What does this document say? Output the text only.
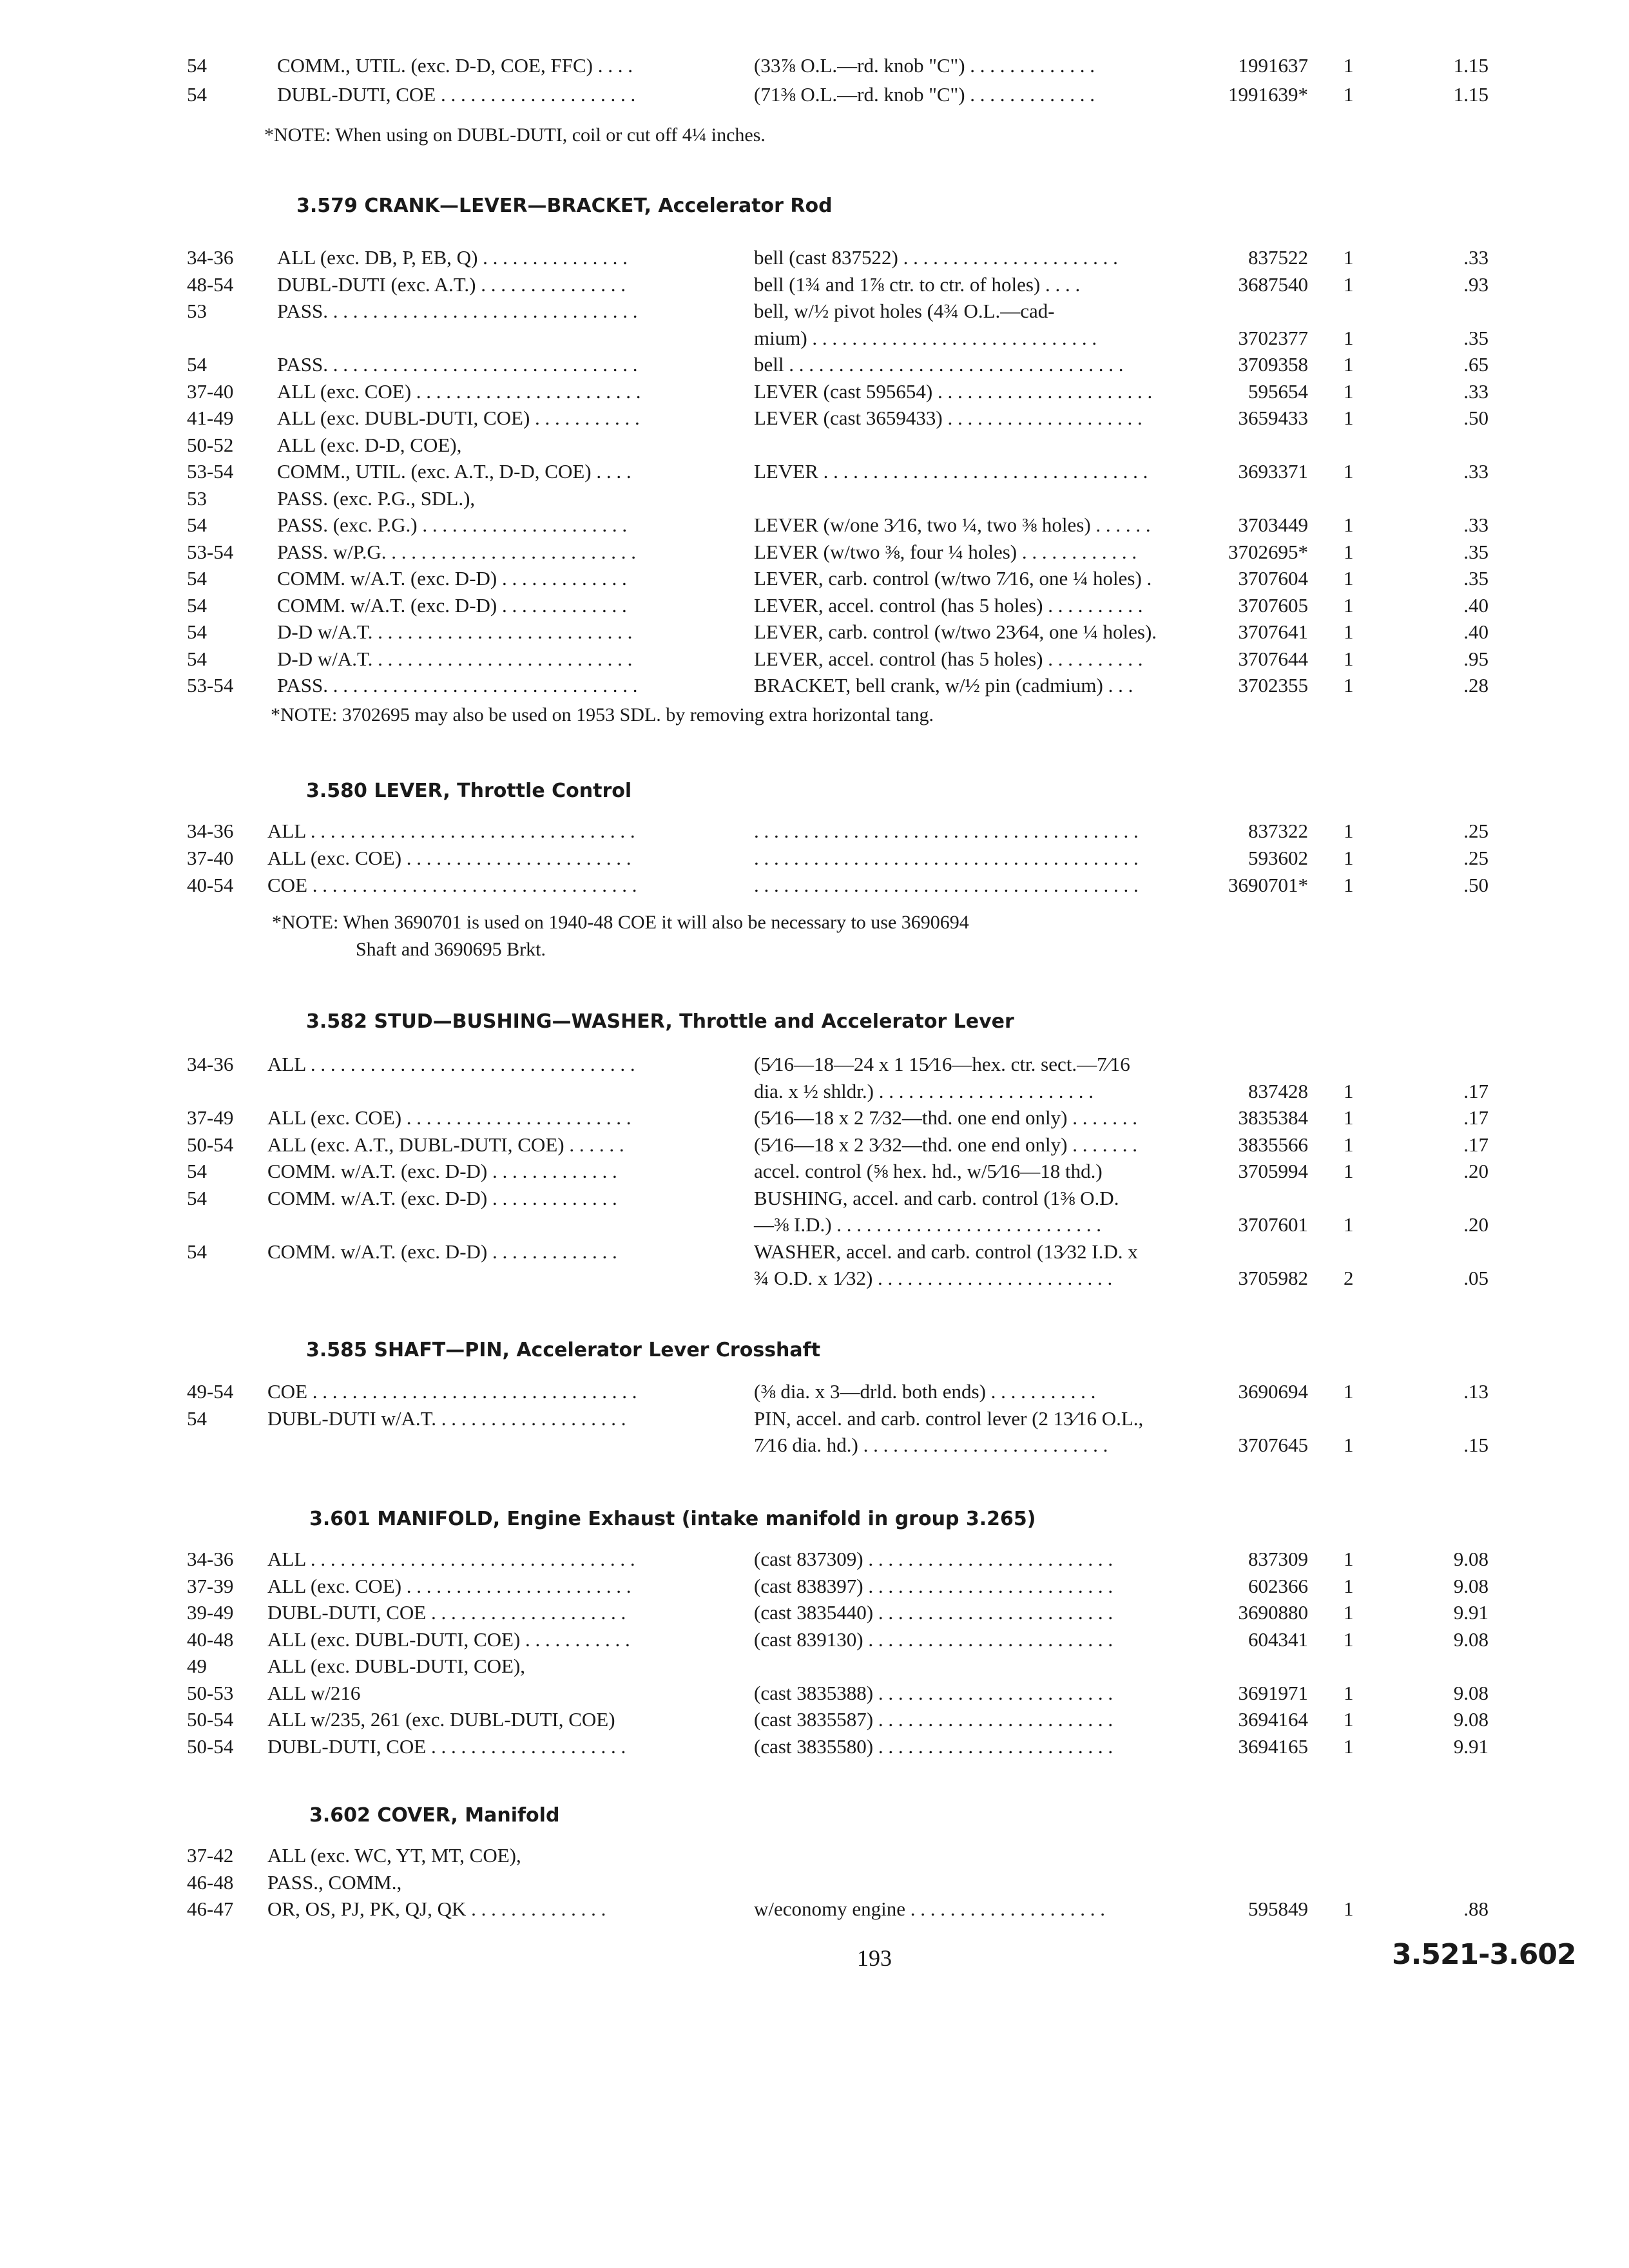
54	COMM., UTIL. (exc. D-D, COE, FFC) . . . .	(33⅞ O.L.—rd. knob "C") . . . . . . . . . . . . .	1991637 1	1.15
54	DUBL-DUTI, COE . . . . . . . . . . . . . . . . . . . .	(71⅜ O.L.—rd. knob "C") . . . . . . . . . . . . .	1991639* 1	1.15
34-36 ALL (exc. DB, P, EB, Q) . . . . . . . . . . . . . . .	bell (cast 837522) . . . . . . . . . . . . . . . . . . . . . .	837522 1	.33
48-54 DUBL-DUTI (exc. A.T.) . . . . . . . . . . . . . . .	bell (1¾ and 1⅞ ctr. to ctr. of holes) . . . .	3687540 1	.93
53	PASS. . . . . . . . . . . . . . . . . . . . . . . . . . . . . . . .	bell, w/½ pivot holes (4¾ O.L.—cad-
mium) . . . . . . . . . . . . . . . . . . . . . . . . . . . . .	3702377 1	.35
54	PASS. . . . . . . . . . . . . . . . . . . . . . . . . . . . . . . .	bell . . . . . . . . . . . . . . . . . . . . . . . . . . . . . . . . . .	3709358 1	.65
37-40 ALL (exc. COE) . . . . . . . . . . . . . . . . . . . . . . .	LEVER (cast 595654) . . . . . . . . . . . . . . . . . . . . . .	595654 1	.33
41-49 ALL (exc. DUBL-DUTI, COE) . . . . . . . . . . .	LEVER (cast 3659433) . . . . . . . . . . . . . . . . . . . .	3659433 1	.50
50-52 ALL (exc. D-D, COE),
53-54 COMM., UTIL. (exc. A.T., D-D, COE) . . . .	LEVER . . . . . . . . . . . . . . . . . . . . . . . . . . . . . . . . .	3693371 1	.33
53	PASS. (exc. P.G., SDL.),
54	PASS. (exc. P.G.) . . . . . . . . . . . . . . . . . . . . .	LEVER (w/one 3⁄16, two ¼, two ⅜ holes) . . . . . .	3703449 1	.33
53-54 PASS. w/P.G. . . . . . . . . . . . . . . . . . . . . . . . . .	LEVER (w/two ⅜, four ¼ holes) . . . . . . . . . . . .	3702695* 1	.35
54	COMM. w/A.T. (exc. D-D) . . . . . . . . . . . . .	LEVER, carb. control (w/two 7⁄16, one ¼ holes) .	3707604 1	.35
54	COMM. w/A.T. (exc. D-D) . . . . . . . . . . . . .	LEVER, accel. control (has 5 holes) . . . . . . . . . .	3707605 1	.40
54	D-D w/A.T. . . . . . . . . . . . . . . . . . . . . . . . . . .	LEVER, carb. control (w/two 23⁄64, one ¼ holes).	3707641 1	.40
54	D-D w/A.T. . . . . . . . . . . . . . . . . . . . . . . . . . .	LEVER, accel. control (has 5 holes) . . . . . . . . . .	3707644 1	.95
53-54 PASS. . . . . . . . . . . . . . . . . . . . . . . . . . . . . . . .	BRACKET, bell crank, w/½ pin (cadmium) . . .	3702355 1	.28
34-36 ALL . . . . . . . . . . . . . . . . . . . . . . . . . . . . . . . . .	. . . . . . . . . . . . . . . . . . . . . . . . . . . . . . . . . . . . . . .	837322 1	.25
37-40 ALL (exc. COE) . . . . . . . . . . . . . . . . . . . . . . .	. . . . . . . . . . . . . . . . . . . . . . . . . . . . . . . . . . . . . . .	593602 1	.25
40-54 COE . . . . . . . . . . . . . . . . . . . . . . . . . . . . . . . . .	. . . . . . . . . . . . . . . . . . . . . . . . . . . . . . . . . . . . . . .	3690701* 1	.50
34-36 ALL . . . . . . . . . . . . . . . . . . . . . . . . . . . . . . . . .	(5⁄16—18—24 x 1 15⁄16—hex. ctr. sect.—7⁄16
dia. x ½ shldr.) . . . . . . . . . . . . . . . . . . . . . .	837428 1	.17
37-49 ALL (exc. COE) . . . . . . . . . . . . . . . . . . . . . . .	(5⁄16—18 x 2 7⁄32—thd. one end only) . . . . . . .	3835384 1	.17
50-54 ALL (exc. A.T., DUBL-DUTI, COE) . . . . . .	(5⁄16—18 x 2 3⁄32—thd. one end only) . . . . . . .	3835566 1	.17
54	COMM. w/A.T. (exc. D-D) . . . . . . . . . . . . .	accel. control (⅝ hex. hd., w/5⁄16—18 thd.)	3705994 1	.20
54	COMM. w/A.T. (exc. D-D) . . . . . . . . . . . . .	BUSHING, accel. and carb. control (1⅜ O.D.
—⅜ I.D.) . . . . . . . . . . . . . . . . . . . . . . . . . . .	3707601 1	.20
54	COMM. w/A.T. (exc. D-D) . . . . . . . . . . . . .	WASHER, accel. and carb. control (13⁄32 I.D. x
¾ O.D. x 1⁄32) . . . . . . . . . . . . . . . . . . . . . . . .	3705982 2	.05
49-54 COE . . . . . . . . . . . . . . . . . . . . . . . . . . . . . . . . .	(⅜ dia. x 3—drld. both ends) . . . . . . . . . . .	3690694 1	.13
54	DUBL-DUTI w/A.T. . . . . . . . . . . . . . . . . . . .	PIN, accel. and carb. control lever (2 13⁄16 O.L.,
7⁄16 dia. hd.) . . . . . . . . . . . . . . . . . . . . . . . . .	3707645 1	.15
34-36 ALL . . . . . . . . . . . . . . . . . . . . . . . . . . . . . . . . .	(cast 837309) . . . . . . . . . . . . . . . . . . . . . . . . .	837309 1	9.08
37-39 ALL (exc. COE) . . . . . . . . . . . . . . . . . . . . . . .	(cast 838397) . . . . . . . . . . . . . . . . . . . . . . . . .	602366 1	9.08
39-49 DUBL-DUTI, COE . . . . . . . . . . . . . . . . . . . .	(cast 3835440) . . . . . . . . . . . . . . . . . . . . . . . .	3690880 1	9.91
40-48 ALL (exc. DUBL-DUTI, COE) . . . . . . . . . . .	(cast 839130) . . . . . . . . . . . . . . . . . . . . . . . . .	604341 1	9.08
49	ALL (exc. DUBL-DUTI, COE),
50-53 ALL w/216	(cast 3835388) . . . . . . . . . . . . . . . . . . . . . . . .	3691971 1	9.08
50-54 ALL w/235, 261 (exc. DUBL-DUTI, COE)	(cast 3835587) . . . . . . . . . . . . . . . . . . . . . . . .	3694164 1	9.08
50-54 DUBL-DUTI, COE . . . . . . . . . . . . . . . . . . . .	(cast 3835580) . . . . . . . . . . . . . . . . . . . . . . . .	3694165 1	9.91
37-42 ALL (exc. WC, YT, MT, COE),
46-48 PASS., COMM.,
46-47 OR, OS, PJ, PK, QJ, QK . . . . . . . . . . . . . .	w/economy engine . . . . . . . . . . . . . . . . . . . .	595849 1	.88
*NOTE: When using on DUBL-DUTI, coil or cut off 4¼ inches.
3.579 CRANK—LEVER—BRACKET, Accelerator Rod
*NOTE: 3702695 may also be used on 1953 SDL. by removing extra horizontal tang.
3.580 LEVER, Throttle Control
*NOTE: When 3690701 is used on 1940-48 COE it will also be necessary to use 3690694
Shaft and 3690695 Brkt.
3.582 STUD—BUSHING—WASHER, Throttle and Accelerator Lever
3.585 SHAFT—PIN, Accelerator Lever Crosshaft
3.601 MANIFOLD, Engine Exhaust (intake manifold in group 3.265)
3.602 COVER, Manifold
193	3.521-3.602
